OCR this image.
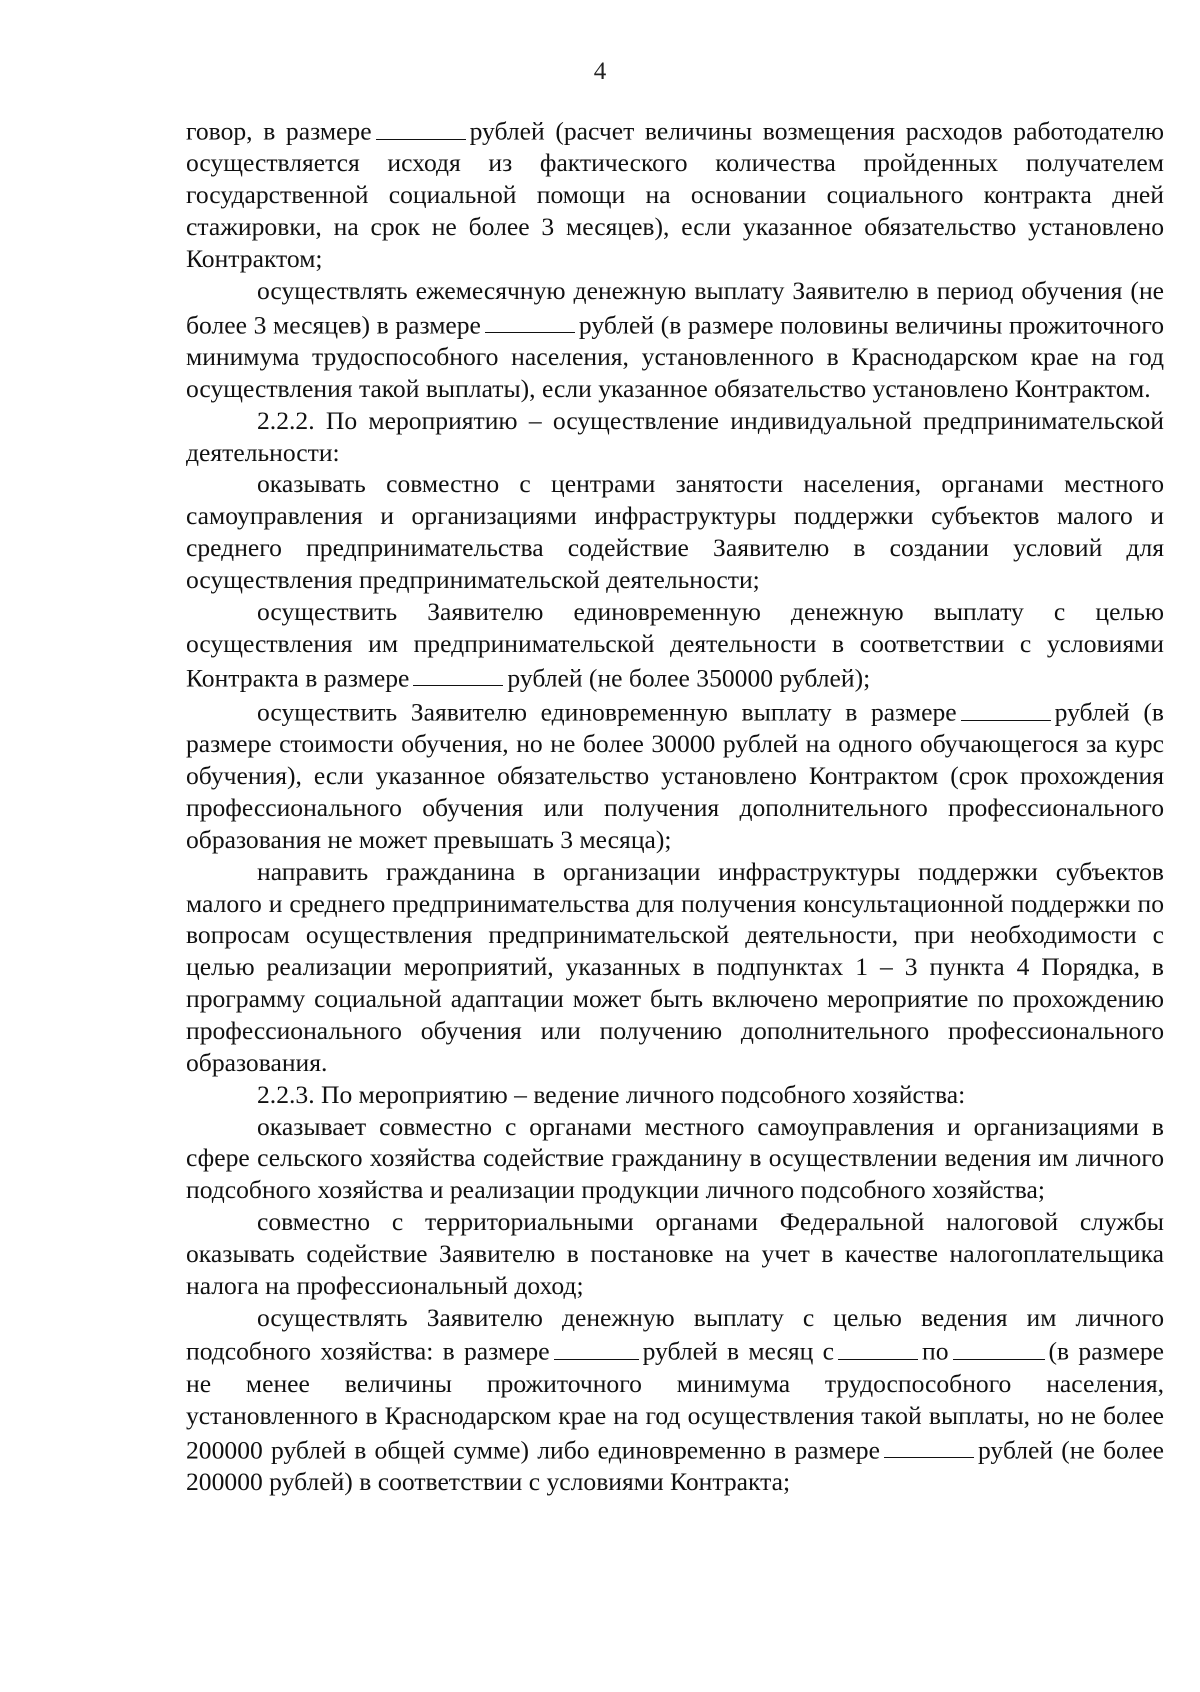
4

говор, в размере	рублей (расчет величины возмещения расходов работодателю осуществляется исходя из фактического количества пройденных получателем государственной социальной помощи на основании социального контракта дней стажировки, на срок не более 3 месяцев), если указанное обязательство установлено Контрактом;

осуществлять ежемесячную денежную выплату Заявителю в период обучения (не более 3 месяцев) в размере	рублей (в размере половины величины прожиточного минимума трудоспособного населения, установленного в Краснодарском крае на год осуществления такой выплаты), если указанное обязательство установлено Контрактом.

2.2.2. По мероприятию – осуществление индивидуальной предпринимательской деятельности:

оказывать совместно с центрами занятости населения, органами местного самоуправления и организациями инфраструктуры поддержки субъектов малого и среднего предпринимательства содействие Заявителю в создании условий для осуществления предпринимательской деятельности;

осуществить Заявителю единовременную денежную выплату с целью осуществления им предпринимательской деятельности в соответствии с условиями Контракта в размере	рублей (не более 350000 рублей);

осуществить Заявителю единовременную выплату в размере	рублей (в размере стоимости обучения, но не более 30000 рублей на одного обучающегося за курс обучения), если указанное обязательство установлено Контрактом (срок прохождения профессионального обучения или получения дополнительного профессионального образования не может превышать 3 месяца);

направить гражданина в организации инфраструктуры поддержки субъектов малого и среднего предпринимательства для получения консультационной поддержки по вопросам осуществления предпринимательской деятельности, при необходимости с целью реализации мероприятий, указанных в подпунктах 1 – 3 пункта 4 Порядка, в программу социальной адаптации может быть включено мероприятие по прохождению профессионального обучения или получению дополнительного профессионального образования.

2.2.3. По мероприятию – ведение личного подсобного хозяйства:

оказывает совместно с органами местного самоуправления и организациями в сфере сельского хозяйства содействие гражданину в осуществлении ведения им личного подсобного хозяйства и реализации продукции личного подсобного хозяйства;

совместно с территориальными органами Федеральной налоговой службы оказывать содействие Заявителю в постановке на учет в качестве налогоплательщика налога на профессиональный доход;

осуществлять Заявителю денежную выплату с целью ведения им личного подсобного хозяйства: в размере	рублей в месяц с	по	(в размере не менее величины прожиточного минимума трудоспособного населения, установленного в Краснодарском крае на год осуществления такой выплаты, но не более 200000 рублей в общей сумме) либо единовременно в размере	рублей (не более 200000 рублей) в соответствии с условиями Контракта;
